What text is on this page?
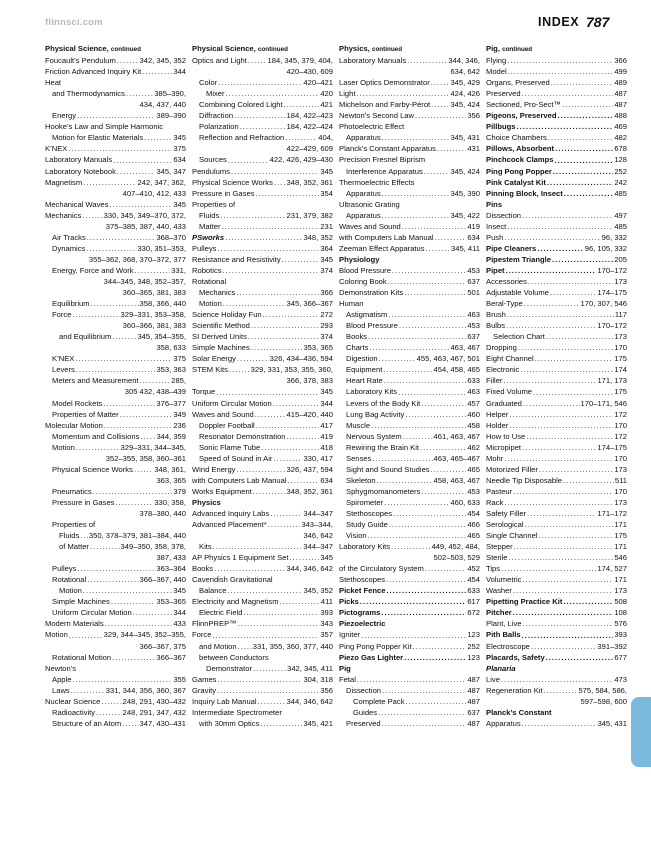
flinnsci.com	INDEX 787
Physical Science, continued
Foucault’s Pendulum .....	342, 345, 352
Friction Advanced Inquiry Kit .....	344
Heat
and Thermodynamics .....	385–390,
434, 437, 440
Energy .....	389–390
Hooke’s Law and Simple Harmonic
Motion for Elastic Materials .....	345
K’NEX .....	375
Laboratory Manuals .....	634
Laboratory Notebook .....	345, 347
Magnetism .....	242, 347, 362,
407–410, 412, 433
Mechanical Waves .....	345
Mechanics .....	330, 345, 349–370, 372,
375–385, 387, 440, 433
Air Tracks .....	368–370
Dynamics .....	330, 351–353,
355–362, 368, 370–372, 377
Energy, Force and Work .....	331,
344–345, 348, 352–357,
360–365, 381, 383
Equilibrium .....	358, 366, 440
Force .....	329–331, 353–358,
360–366, 381, 383
and Equilibrium .....	345, 354–355,
358, 633
K’NEX .....	375
Levers .....	353, 363
Meters and Measurement .....	285,
305 432, 438–439
Model Rockets .....	376–377
Properties of Matter .....	349
Molecular Motion .....	236
Momentum and Collisions ..... 344, 359
Motion .....	329–331, 344–345,
352–355, 358, 360–361
Physical Science Works .....	348, 361,
363, 365
Pneumatics .....	379
Pressure in Gases .....	330, 358,
378–380, 440
Properties of
Fluids ..... 350, 378–379, 381–384, 440
of Matter .....	349–350, 358, 378,
387, 433
Pulleys .....	363–364
Rotational .....	366–367, 440
Motion .....	345
Simple Machines .....	353–365
Uniform Circular Motion .....	344
Modern Materials .....	433
Motion .....	329, 344–345, 352–355,
366–367, 375
Rotational Motion .....	366–367
Newton’s
Apple .....	355
Laws .....	331, 344, 356, 360, 367
Nuclear Science .....	248, 291, 430–432
Radioactivity .....	248, 291, 347, 432
Structure of an Atom ..... 347, 430–431
Physical Science, continued
Optics and Light .....	184, 345, 379, 404,
420–430, 609
Color .....	420–421
Mixer .....	420
Combining Colored Light .....	421
Diffraction .....	184, 422–423
Polarization .....	184, 422–424
Reflection and Refraction .....	404,
422–429, 609
Sources .....	422, 426, 429–430
Pendulums .....	345
Physical Science Works ..... 348, 352, 361
Pressure in Gases .....	354
Properties of
Fluids .....	231, 379, 382
Matter .....	231
PSworks .....	348, 352
Pulleys .....	364
Resistance and Resistivity .....	345
Robotics .....	374
Rotational
Mechanics .....	366
Motion .....	345, 366–367
Science Holiday Fun .....	272
Scientific Method .....	293
SI Derived Units .....	374
Simple Machines .....	353, 365
Solar Energy .....	326, 434–436, 594
STEM Kits .....	329, 331, 353, 355, 360,
366, 378, 383
Torque .....	345
Uniform Circular Motion .....	344
Waves and Sound .....	415–420, 440
Doppler Football .....	417
Resonator Demonstration .....	419
Sonic Flame Tube .....	418
Speed of Sound in Air .....	330, 417
Wind Energy .....	326, 437, 594
with Computers Lab Manual .....	634
Works Equipment .....	348, 352, 361
Physics
Advanced Inquiry Labs .....	344–347
Advanced Placement* .....	343–344,
346, 642
Kits .....	344–347
AP Physics 1 Equipment Set .....	345
Books .....	344, 346, 642
Cavendish Gravitational
Balance .....	345, 352
Electricity and Magnetism .....	411
Electric Field .....	393
FlinnPREP™ .....	343
Force .....	357
and Motion ..... 331, 355, 360, 377, 440
between Conductors
Demonstrator .....	342, 345, 411
Games .....	304, 318
Gravity .....	356
Inquiry Lab Manual .....	344, 346, 642
Intermediate Spectrometer
with 30mm Optics .....	345, 421
Physics, continued
Laboratory Manuals .....	344, 346,
634, 642
Laser Optics Demonstrator .....	345, 429
Light .....	424, 426
Michelson and Farby-Pérot .....	345, 424
Newton’s Second Law .....	356
Photoelectric Effect
Apparatus .....	345, 431
Planck’s Constant Apparatus .....	431
Precision Fresnel Biprism
Interference Apparatus .....	345, 424
Thermoelectric Effects
Apparatus .....	345, 390
Ultrasonic Grating
Apparatus .....	345, 422
Waves and Sound .....	419
with Computers Lab Manual .....	634
Zeeman Effect Apparatus .....	345, 411
Physiology
Blood Pressure .....	453
Coloring Book .....	637
Demonstration Kits .....	501
Human
Astigmatism .....	463
Blood Pressure .....	453
Books .....	637
Charts .....	463, 467
Digestion .....	455, 463, 467, 501
Equipment .....	454, 458, 465
Heart Rate .....	633
Laboratory Kits .....	463
Levers of the Body Kit .....	457
Lung Bag Activity .....	460
Muscle .....	458
Nervous System .....	461, 463, 467
Rewiring the Brain Kit .....	462
Senses .....	463, 465–467
Sight and Sound Studies .....	465
Skeleton .....	458, 463, 467
Sphygmomanometers .....	453
Spirometer .....	460, 633
Stethoscopes .....	454
Study Guide .....	466
Vision .....	465
Laboratory Kits .....	449, 452, 484,
502–503, 529
of the Circulatory System .....	452
Stethoscopes .....	454
Picket Fence .....	633
Picks .....	617
Pictograms .....	672
Piezoelectric
Igniter .....	123
Ping Pong Popper Kit .....	252
Piezo Gas Lighter .....	123
Pig
Fetal .....	487
Dissection .....	487
Complete Pack .....	487
Guides .....	637
Preserved .....	487
Pig, continued
Flying .....	366
Model .....	499
Organs, Preserved .....	489
Preserved .....	487
Sectioned, Pro-Sect™ .....	487
Pigeons, Preserved .....	488
Pillbugs .....	469
Choice Chambers .....	482
Pillows, Absorbent .....	678
Pinchcock Clamps .....	128
Ping Pong Popper .....	252
Pink Catalyst Kit .....	242
Pinning Block, Insect .....	485
Pins
Dissection .....	497
Insect .....	485
Push .....	96, 332
Pipe Cleaners .....	96, 105, 332
Pipestem Triangle .....	205
Pipet .....	170–172
Accessories .....	173
Adjustable Volume .....	174–175
Beral-Type .....	170, 307, 546
Brush .....	117
Bulbs .....	170–172
Selection Chart .....	173
Dropping .....	170
Eight Channel .....	175
Electronic .....	174
Filler .....	171, 173
Fixed Volume .....	175
Graduated .....	170–171, 546
Helper .....	172
Holder .....	170
How to Use .....	172
Micropipet .....	174–175
Mohr .....	170
Motorized Filler .....	173
Needle Tip Disposable .....	511
Pasteur .....	170
Rack .....	173
Safety Filler .....	171–172
Serological .....	171
Single Channel .....	175
Stepper .....	171
Sterile .....	546
Tips .....	174, 527
Volumetric .....	171
Washer .....	173
Pipetting Practice Kit .....	508
Pitcher .....	108
Plant, Live .....	576
Pith Balls .....	393
Electroscope .....	391–392
Placards, Safety .....	677
Planaria
Live .....	473
Regeneration Kit .....	575, 584, 586,
597–598, 600
Planck’s Constant
Apparatus .....	345, 431
